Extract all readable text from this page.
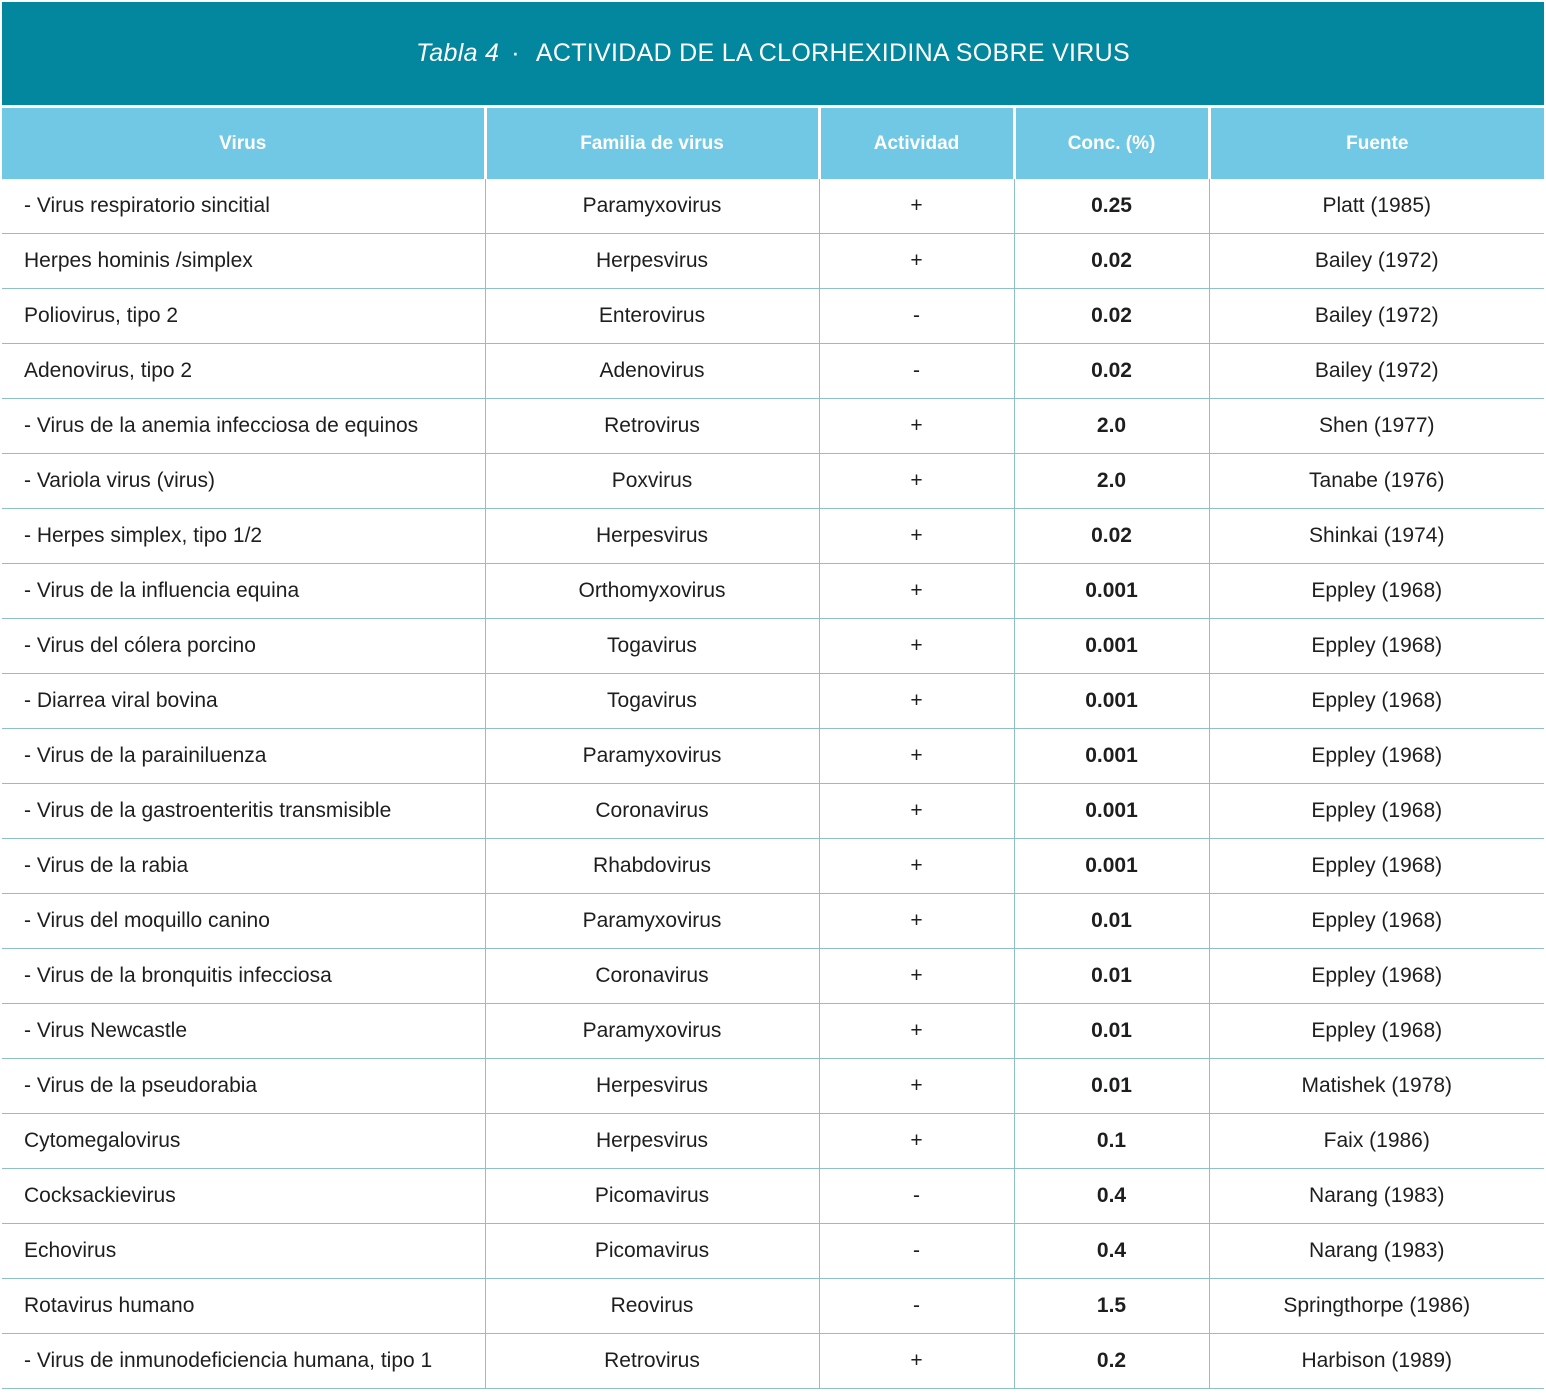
Tabla 4 · ACTIVIDAD DE LA CLORHEXIDINA SOBRE VIRUS
Virus	Familia de virus	Actividad	Conc. (%)	Fuente
- Virus respiratorio sincitial	Paramyxovirus	+	0.25	Platt (1985)
Herpes hominis /simplex	Herpesvirus	+	0.02	Bailey (1972)
Poliovirus, tipo 2	Enterovirus	-	0.02	Bailey (1972)
Adenovirus, tipo 2	Adenovirus	-	0.02	Bailey (1972)
- Virus de la anemia infecciosa de equinos	Retrovirus	+	2.0	Shen (1977)
- Variola virus (virus)	Poxvirus	+	2.0	Tanabe (1976)
- Herpes simplex, tipo 1/2	Herpesvirus	+	0.02	Shinkai (1974)
- Virus de la influencia equina	Orthomyxovirus	+	0.001	Eppley (1968)
- Virus del cólera porcino	Togavirus	+	0.001	Eppley (1968)
- Diarrea viral bovina	Togavirus	+	0.001	Eppley (1968)
- Virus de la parainiluenza	Paramyxovirus	+	0.001	Eppley (1968)
- Virus de la gastroenteritis transmisible	Coronavirus	+	0.001	Eppley (1968)
- Virus de la rabia	Rhabdovirus	+	0.001	Eppley (1968)
- Virus del moquillo canino	Paramyxovirus	+	0.01	Eppley (1968)
- Virus de la bronquitis infecciosa	Coronavirus	+	0.01	Eppley (1968)
- Virus Newcastle	Paramyxovirus	+	0.01	Eppley (1968)
- Virus de la pseudorabia	Herpesvirus	+	0.01	Matishek (1978)
Cytomegalovirus	Herpesvirus	+	0.1	Faix (1986)
Cocksackievirus	Picomavirus	-	0.4	Narang (1983)
Echovirus	Picomavirus	-	0.4	Narang (1983)
Rotavirus humano	Reovirus	-	1.5	Springthorpe (1986)
- Virus de inmunodeficiencia humana, tipo 1	Retrovirus	+	0.2	Harbison (1989)
